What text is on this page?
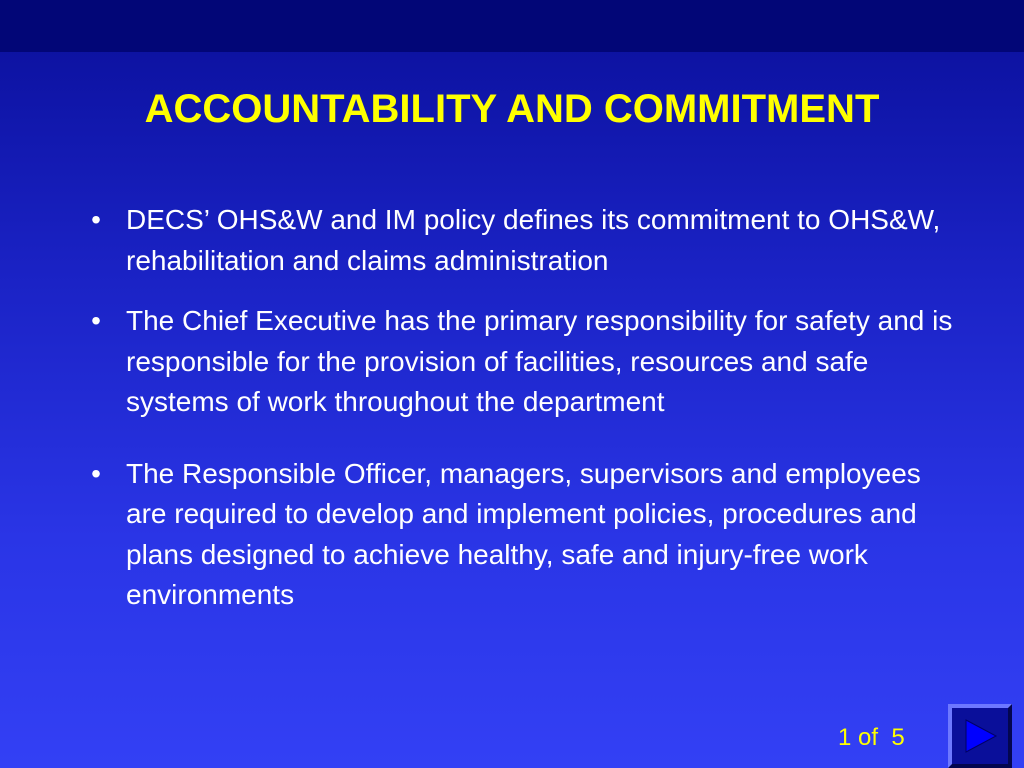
ACCOUNTABILITY AND COMMITMENT
• DECS’ OHS&W and IM policy defines its commitment to OHS&W, rehabilitation and claims administration
• The Chief Executive has the primary responsibility for safety and is responsible for the provision of facilities, resources and safe systems of work throughout the department
• The Responsible Officer, managers, supervisors and employees are required to develop and implement policies, procedures and plans designed to achieve healthy, safe and injury-free work environments
1 of  5
